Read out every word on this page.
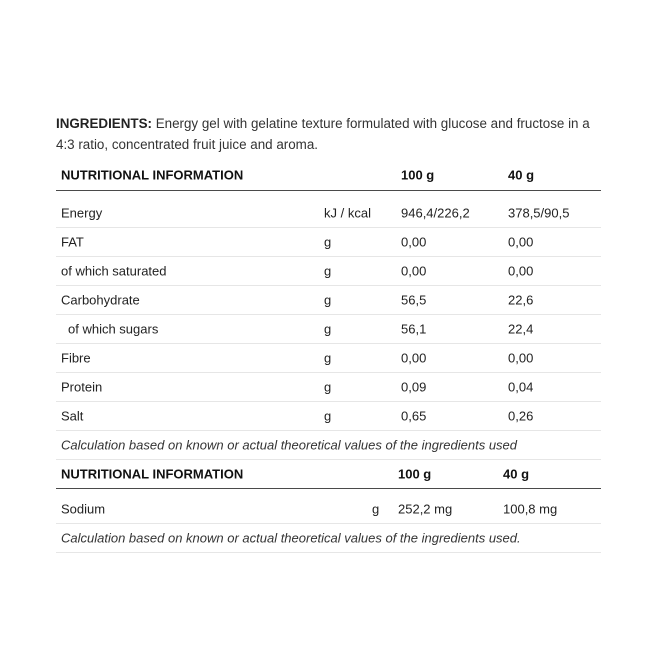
INGREDIENTS: Energy gel with gelatine texture formulated with glucose and fructose in a 4:3 ratio, concentrated fruit juice and aroma.
NUTRITIONAL INFORMATION	100 g	40 g
Energy	kJ / kcal 946,4/226,2	378,5/90,5
FAT	g	0,00	0,00
of which saturated	g	0,00	0,00
Carbohydrate	g	56,5	22,6
of which sugars	g	56,1	22,4
Fibre	g	0,00	0,00
Protein	g	0,09	0,04
Salt	g	0,65	0,26
Calculation based on known or actual theoretical values of the ingredients used
NUTRITIONAL INFORMATION	100 g	40 g
Sodium	g 252,2 mg	100,8 mg
Calculation based on known or actual theoretical values of the ingredients used.
